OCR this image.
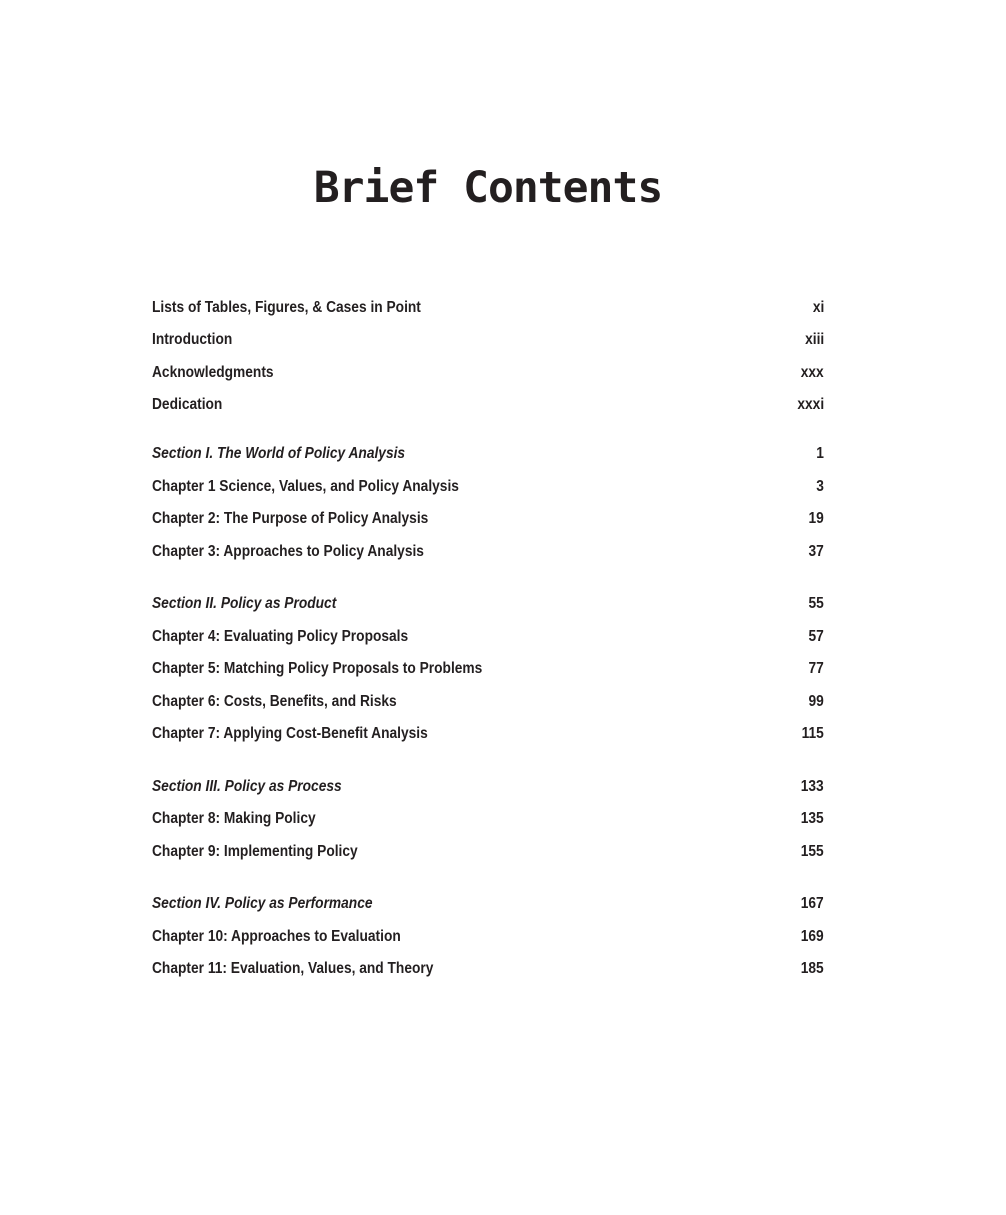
Brief Contents
Lists of Tables, Figures, & Cases in Point	xi
Introduction	xiii
Acknowledgments	xxx
Dedication	xxxi
Section I. The World of Policy Analysis	1
Chapter 1 Science, Values, and Policy Analysis	3
Chapter 2: The Purpose of Policy Analysis	19
Chapter 3: Approaches to Policy Analysis	37
Section II. Policy as Product	55
Chapter 4: Evaluating Policy Proposals	57
Chapter 5: Matching Policy Proposals to Problems	77
Chapter 6: Costs, Benefits, and Risks	99
Chapter 7: Applying Cost-Benefit Analysis	115
Section III. Policy as Process	133
Chapter 8: Making Policy	135
Chapter 9: Implementing Policy	155
Section IV. Policy as Performance	167
Chapter 10: Approaches to Evaluation	169
Chapter 11: Evaluation, Values, and Theory	185
